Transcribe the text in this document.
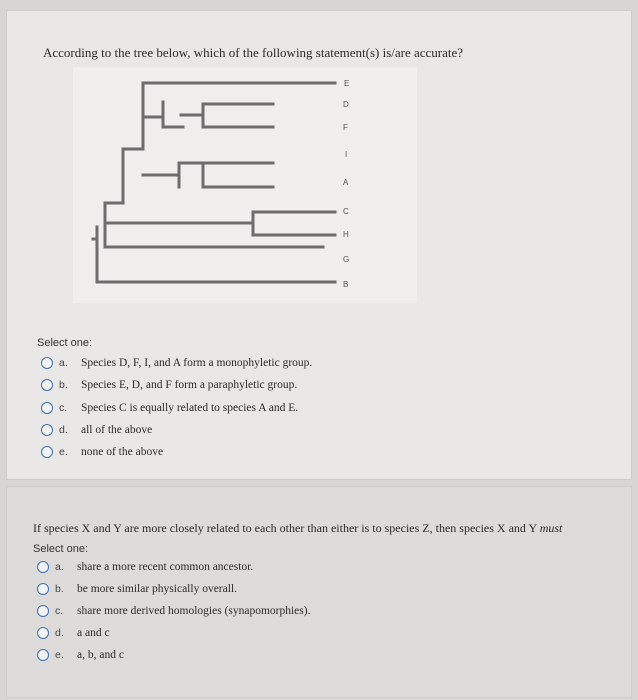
According to the tree below, which of the following statement(s) is/are accurate?
E
D
F
I
A
C
H
G
B
Select one:
a.	Species D, F, I, and A form a monophyletic group.
b.	Species E, D, and F form a paraphyletic group.
c.	Species C is equally related to species A and E.
d.	all of the above
e.	none of the above
If species X and Y are more closely related to each other than either is to species Z, then species X and Y must
Select one:
a.	share a more recent common ancestor.
b.	be more similar physically overall.
c.	share more derived homologies (synapomorphies).
d.	a and c
e.	a, b, and c
